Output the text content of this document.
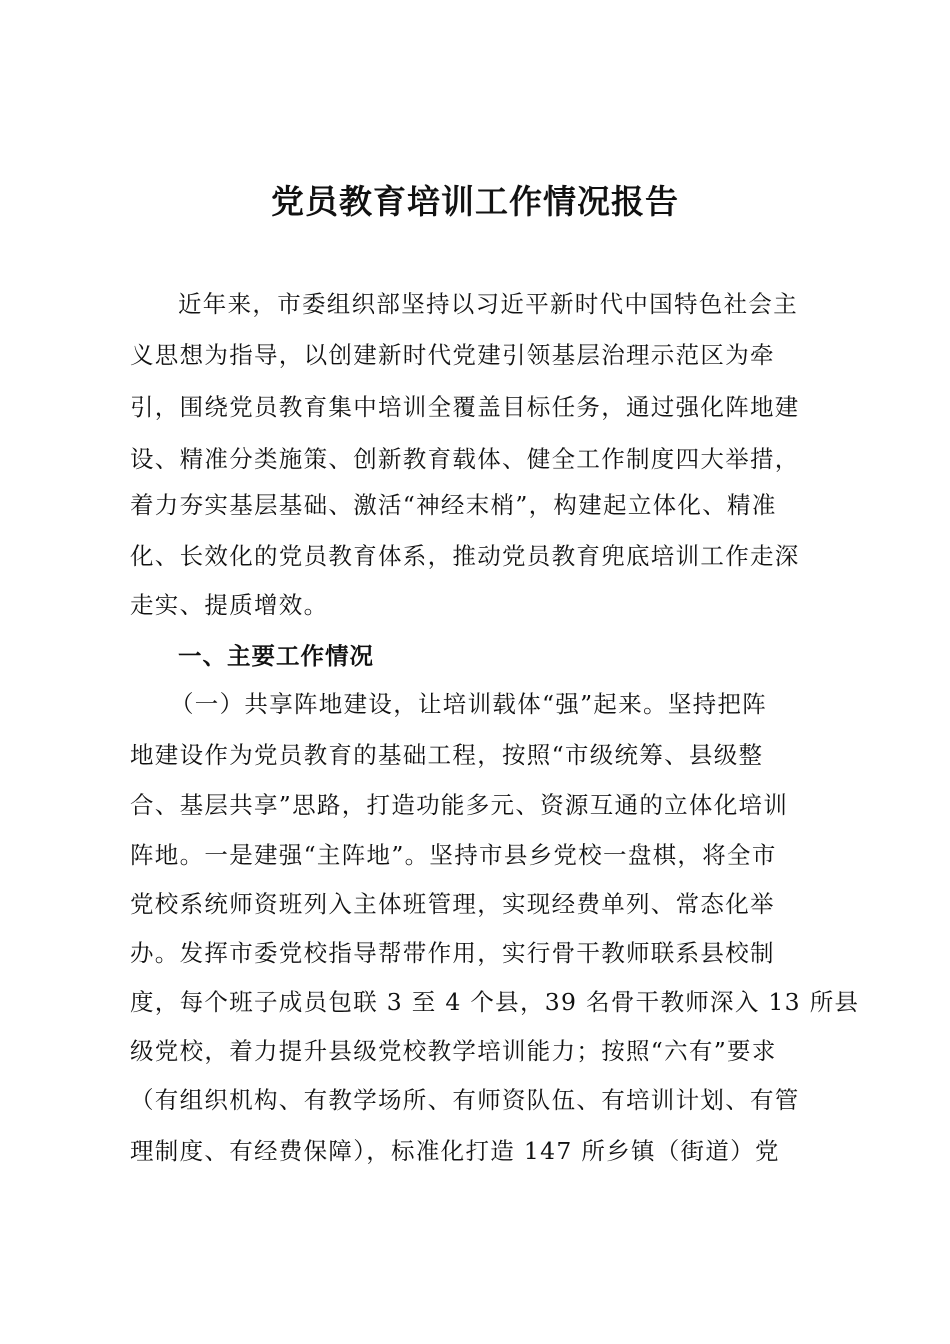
党员教育培训工作情况报告
近年来，市委组织部坚持以习近平新时代中国特色社会主
义思想为指导，以创建新时代党建引领基层治理示范区为牵
引，围绕党员教育集中培训全覆盖目标任务，通过强化阵地建
设、精准分类施策、创新教育载体、健全工作制度四大举措，
着力夯实基层基础、激活“神经末梢”，构建起立体化、精准
化、长效化的党员教育体系，推动党员教育兜底培训工作走深
走实、提质增效。
一、主要工作情况
（一）共享阵地建设，让培训载体“强”起来。坚持把阵
地建设作为党员教育的基础工程，按照“市级统筹、县级整
合、基层共享”思路，打造功能多元、资源互通的立体化培训
阵地。一是建强“主阵地”。坚持市县乡党校一盘棋，将全市
党校系统师资班列入主体班管理，实现经费单列、常态化举
办。发挥市委党校指导帮带作用，实行骨干教师联系县校制
度，每个班子成员包联 3 至 4 个县，39 名骨干教师深入 13 所县
级党校，着力提升县级党校教学培训能力；按照“六有”要求
（有组织机构、有教学场所、有师资队伍、有培训计划、有管
理制度、有经费保障），标准化打造 147 所乡镇（街道）党
